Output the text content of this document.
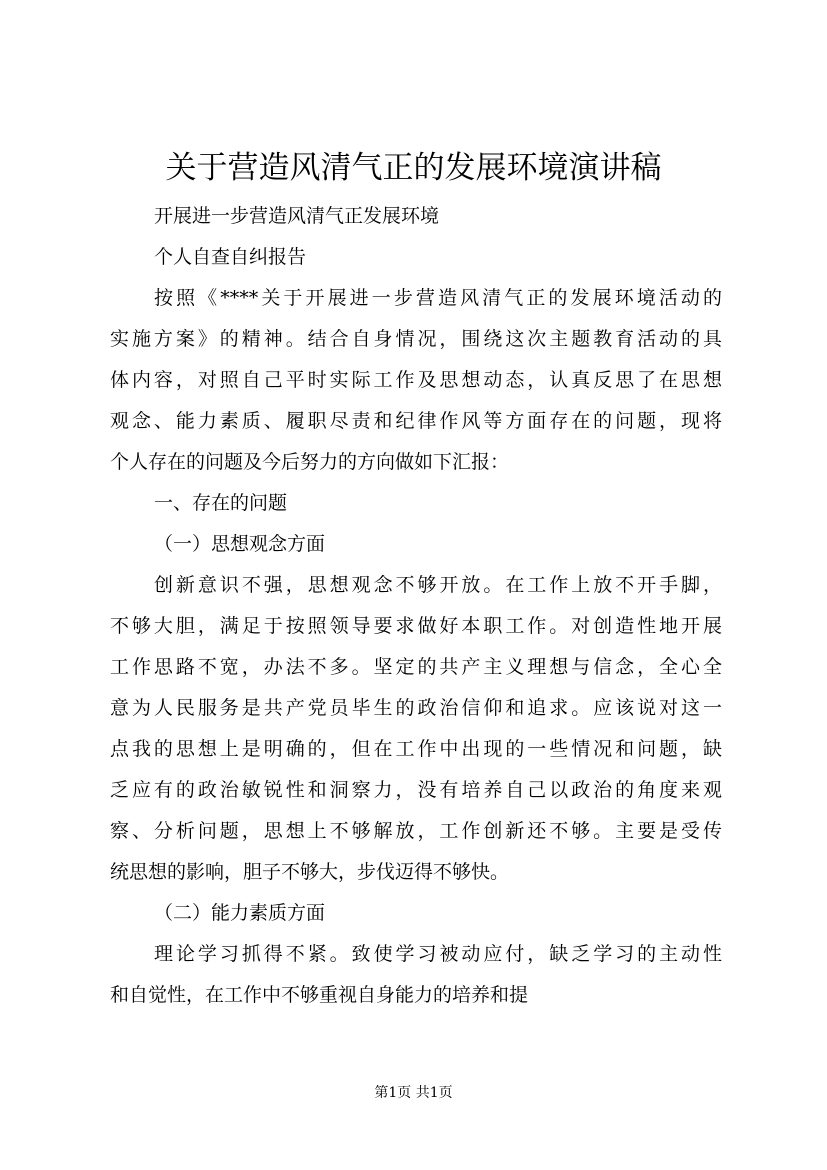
关于营造风清气正的发展环境演讲稿
开展进一步营造风清气正发展环境
个人自查自纠报告
按照《****关于开展进一步营造风清气正的发展环境活动的
实施方案》的精神。结合自身情况，围绕这次主题教育活动的具
体内容，对照自己平时实际工作及思想动态，认真反思了在思想
观念、能力素质、履职尽责和纪律作风等方面存在的问题，现将
个人存在的问题及今后努力的方向做如下汇报：
一、存在的问题
（一）思想观念方面
创新意识不强，思想观念不够开放。在工作上放不开手脚，
不够大胆，满足于按照领导要求做好本职工作。对创造性地开展
工作思路不宽，办法不多。坚定的共产主义理想与信念，全心全
意为人民服务是共产党员毕生的政治信仰和追求。应该说对这一
点我的思想上是明确的，但在工作中出现的一些情况和问题，缺
乏应有的政治敏锐性和洞察力，没有培养自己以政治的角度来观
察、分析问题，思想上不够解放，工作创新还不够。主要是受传
统思想的影响，胆子不够大，步伐迈得不够快。
（二）能力素质方面
理论学习抓得不紧。致使学习被动应付，缺乏学习的主动性
和自觉性，在工作中不够重视自身能力的培养和提
第1页 共1页
